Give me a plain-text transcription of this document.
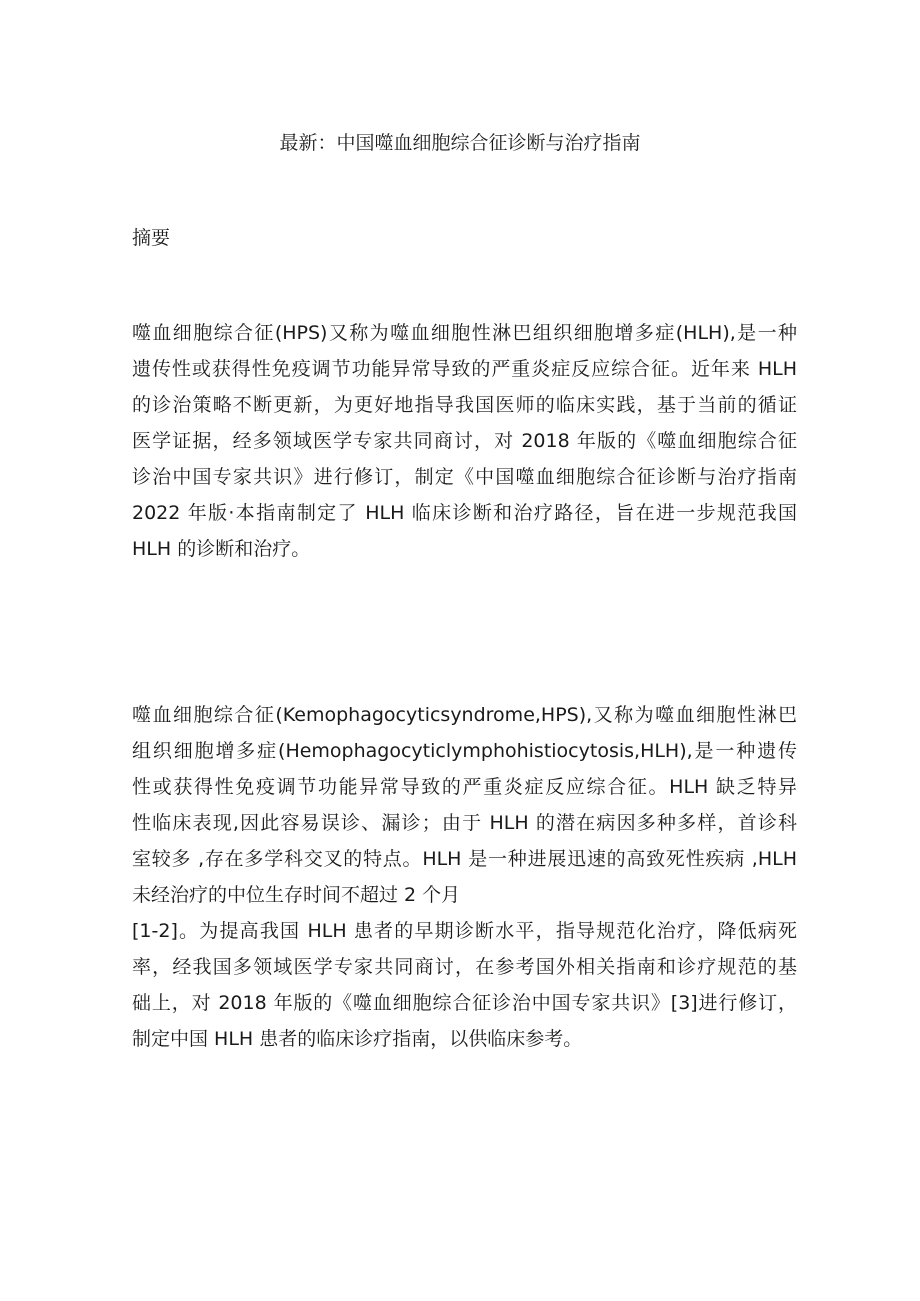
最新：中国噬血细胞综合征诊断与治疗指南
摘要
噬血细胞综合征(HPS)又称为噬血细胞性淋巴组织细胞增多症(HLH),是一种
遗传性或获得性免疫调节功能异常导致的严重炎症反应综合征。近年来 HLH
的诊治策略不断更新，为更好地指导我国医师的临床实践，基于当前的循证
医学证据，经多领域医学专家共同商讨，对 2018 年版的《噬血细胞综合征
诊治中国专家共识》进行修订，制定《中国噬血细胞综合征诊断与治疗指南
2022 年版·本指南制定了 HLH 临床诊断和治疗路径，旨在进一步规范我国
HLH 的诊断和治疗。
噬血细胞综合征(Kemophagocyticsyndrome,HPS),又称为噬血细胞性淋巴
组织细胞增多症(Hemophagocyticlymphohistiocytosis,HLH),是一种遗传
性或获得性免疫调节功能异常导致的严重炎症反应综合征。HLH 缺乏特异
性临床表现,因此容易误诊、漏诊；由于 HLH 的潜在病因多种多样，首诊科
室较多 ,存在多学科交叉的特点。HLH 是一种进展迅速的高致死性疾病 ,HLH
未经治疗的中位生存时间不超过 2 个月
[1-2]。为提高我国 HLH 患者的早期诊断水平，指导规范化治疗，降低病死
率，经我国多领域医学专家共同商讨，在参考国外相关指南和诊疗规范的基
础上，对 2018 年版的《噬血细胞综合征诊治中国专家共识》[3]进行修订，
制定中国 HLH 患者的临床诊疗指南，以供临床参考。
